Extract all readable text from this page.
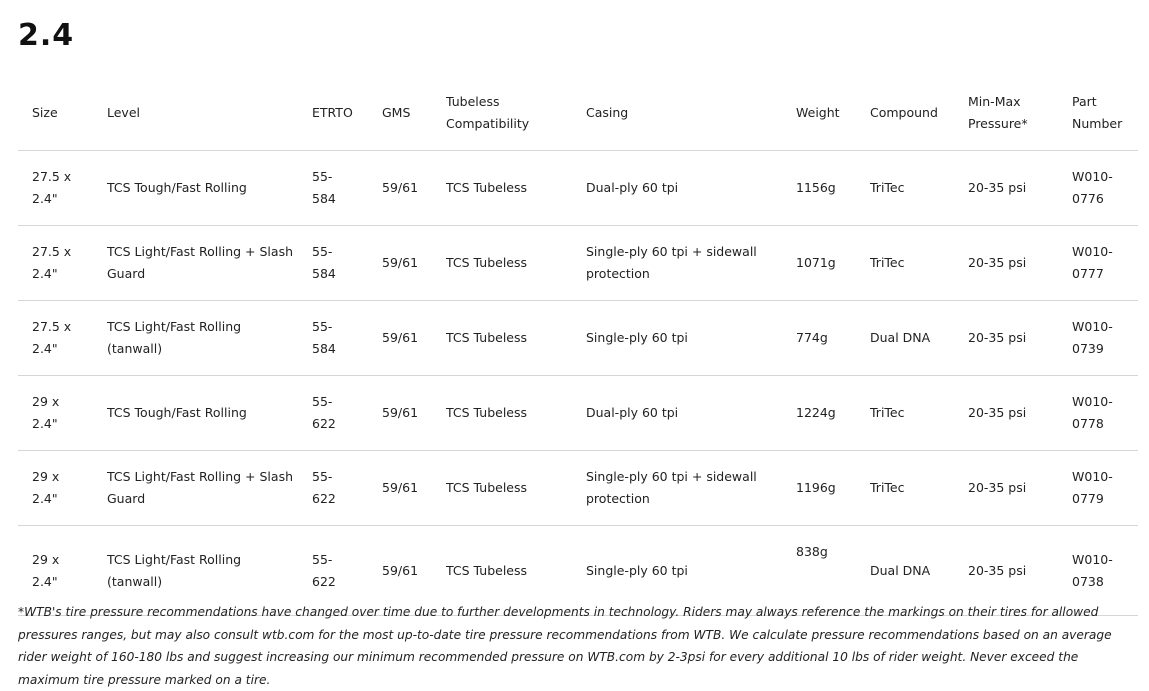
2.4
Size	Level	ETRTO	GMS	Tubeless
Compatibility	Casing	Weight	Compound	Min-Max
Pressure*	Part
Number

27.5 x
2.4"	TCS Tough/Fast Rolling	55-
584	59/61	TCS Tubeless	Dual-ply 60 tpi	1156g	TriTec	20-35 psi	W010-
0776

27.5 x
2.4"	TCS Light/Fast Rolling + Slash
Guard	55-
584	59/61	TCS Tubeless	Single-ply 60 tpi + sidewall
protection	1071g	TriTec	20-35 psi	W010-
0777

27.5 x
2.4"	TCS Light/Fast Rolling
(tanwall)	55-
584	59/61	TCS Tubeless	Single-ply 60 tpi	774g	Dual DNA	20-35 psi	W010-
0739

29 x
2.4"	TCS Tough/Fast Rolling	55-
622	59/61	TCS Tubeless	Dual-ply 60 tpi	1224g	TriTec	20-35 psi	W010-
0778

29 x
2.4"	TCS Light/Fast Rolling + Slash
Guard	55-
622	59/61	TCS Tubeless	Single-ply 60 tpi + sidewall
protection	1196g	TriTec	20-35 psi	W010-
0779

29 x
2.4"	TCS Light/Fast Rolling
(tanwall)	55-
622	59/61	TCS Tubeless	Single-ply 60 tpi	838g	Dual DNA	20-35 psi	W010-
0738

*WTB's tire pressure recommendations have changed over time due to further developments in technology. Riders may always reference the markings on their tires for allowed pressures ranges, but may also consult wtb.com for the most up-to-date tire pressure recommendations from WTB. We calculate pressure recommendations based on an average rider weight of 160-180 lbs and suggest increasing our minimum recommended pressure on WTB.com by 2-3psi for every additional 10 lbs of rider weight. Never exceed the maximum tire pressure marked on a tire.
